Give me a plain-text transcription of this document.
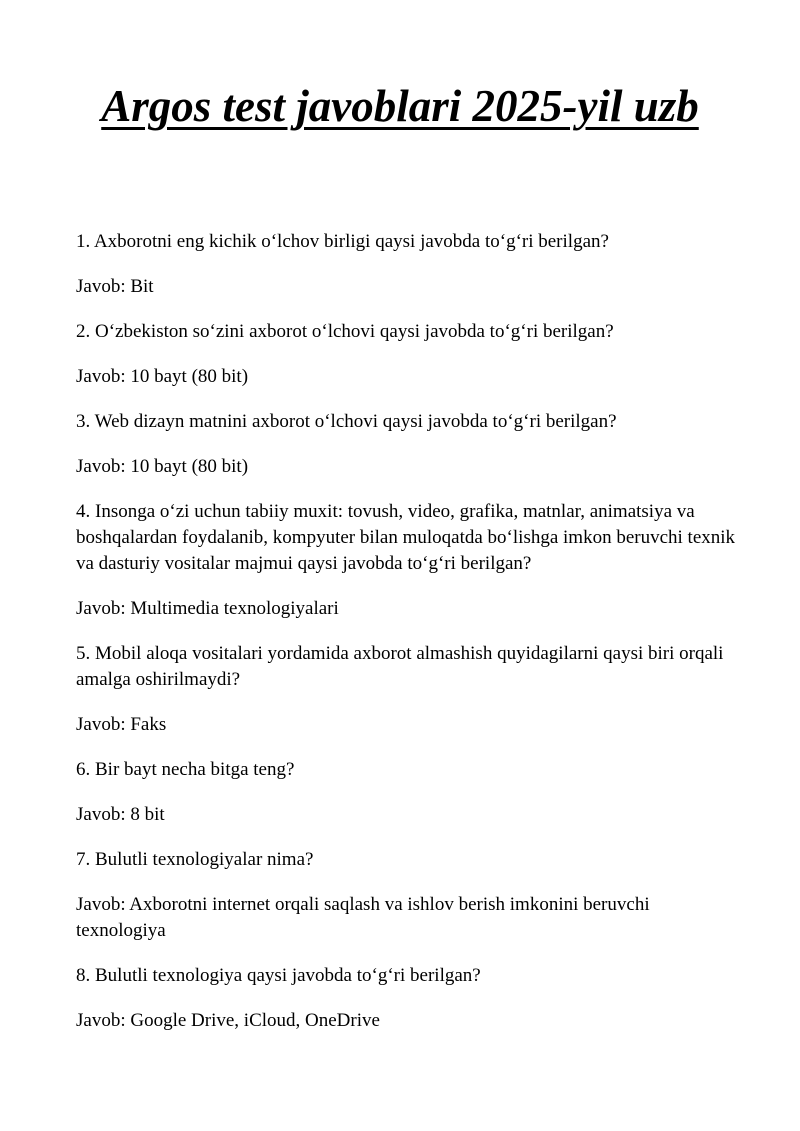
Argos test javoblari 2025-yil uzb

1. Axborotni eng kichik o‘lchov birligi qaysi javobda to‘g‘ri berilgan?

Javob: Bit

2. O‘zbekiston so‘zini axborot o‘lchovi qaysi javobda to‘g‘ri berilgan?

Javob: 10 bayt (80 bit)

3. Web dizayn matnini axborot o‘lchovi qaysi javobda to‘g‘ri berilgan?

Javob: 10 bayt (80 bit)

4. Insonga o‘zi uchun tabiiy muxit: tovush, video, grafika, matnlar, animatsiya va boshqalardan foydalanib, kompyuter bilan muloqatda bo‘lishga imkon beruvchi texnik va dasturiy vositalar majmui qaysi javobda to‘g‘ri berilgan?

Javob: Multimedia texnologiyalari

5. Mobil aloqa vositalari yordamida axborot almashish quyidagilarni qaysi biri orqali amalga oshirilmaydi?

Javob: Faks

6. Bir bayt necha bitga teng?

Javob: 8 bit

7. Bulutli texnologiyalar nima?

Javob: Axborotni internet orqali saqlash va ishlov berish imkonini beruvchi texnologiya

8. Bulutli texnologiya qaysi javobda to‘g‘ri berilgan?

Javob: Google Drive, iCloud, OneDrive
